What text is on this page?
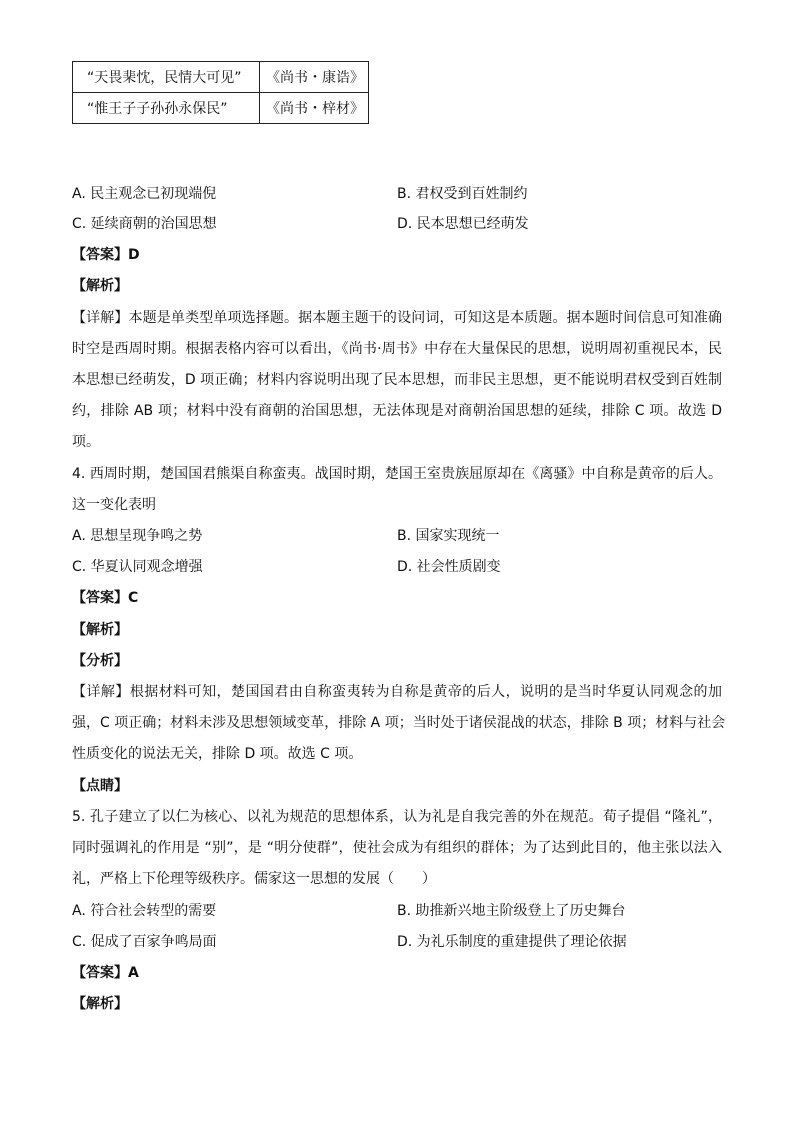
“天畏棐忱，民情大可见”	《尚书・康诰》
“惟王子子孙孙永保民”	《尚书・梓材》
A. 民主观念已初现端倪	B. 君权受到百姓制约
C. 延续商朝的治国思想	D. 民本思想已经萌发
【答案】D
【解析】
【详解】本题是单类型单项选择题。据本题主题干的设问词，可知这是本质题。据本题时间信息可知准确
时空是西周时期。根据表格内容可以看出，《尚书·周书》中存在大量保民的思想，说明周初重视民本，民
本思想已经萌发，D 项正确；材料内容说明出现了民本思想，而非民主思想，更不能说明君权受到百姓制
约，排除 AB 项；材料中没有商朝的治国思想，无法体现是对商朝治国思想的延续，排除 C 项。故选 D
项。
4. 西周时期，楚国国君熊渠自称蛮夷。战国时期，楚国王室贵族屈原却在《离骚》中自称是黄帝的后人。
这一变化表明
A. 思想呈现争鸣之势	B. 国家实现统一
C. 华夏认同观念增强	D. 社会性质剧变
【答案】C
【解析】
【分析】
【详解】根据材料可知，楚国国君由自称蛮夷转为自称是黄帝的后人，说明的是当时华夏认同观念的加
强，C 项正确；材料未涉及思想领域变革，排除 A 项；当时处于诸侯混战的状态，排除 B 项；材料与社会
性质变化的说法无关，排除 D 项。故选 C 项。
【点睛】
5. 孔子建立了以仁为核心、以礼为规范的思想体系，认为礼是自我完善的外在规范。荀子提倡 “隆礼”，
同时强调礼的作用是 “别”，是 “明分使群”，使社会成为有组织的群体；为了达到此目的，他主张以法入
礼，严格上下伦理等级秩序。儒家这一思想的发展（　　）
A. 符合社会转型的需要	B. 助推新兴地主阶级登上了历史舞台
C. 促成了百家争鸣局面	D. 为礼乐制度的重建提供了理论依据
【答案】A
【解析】
